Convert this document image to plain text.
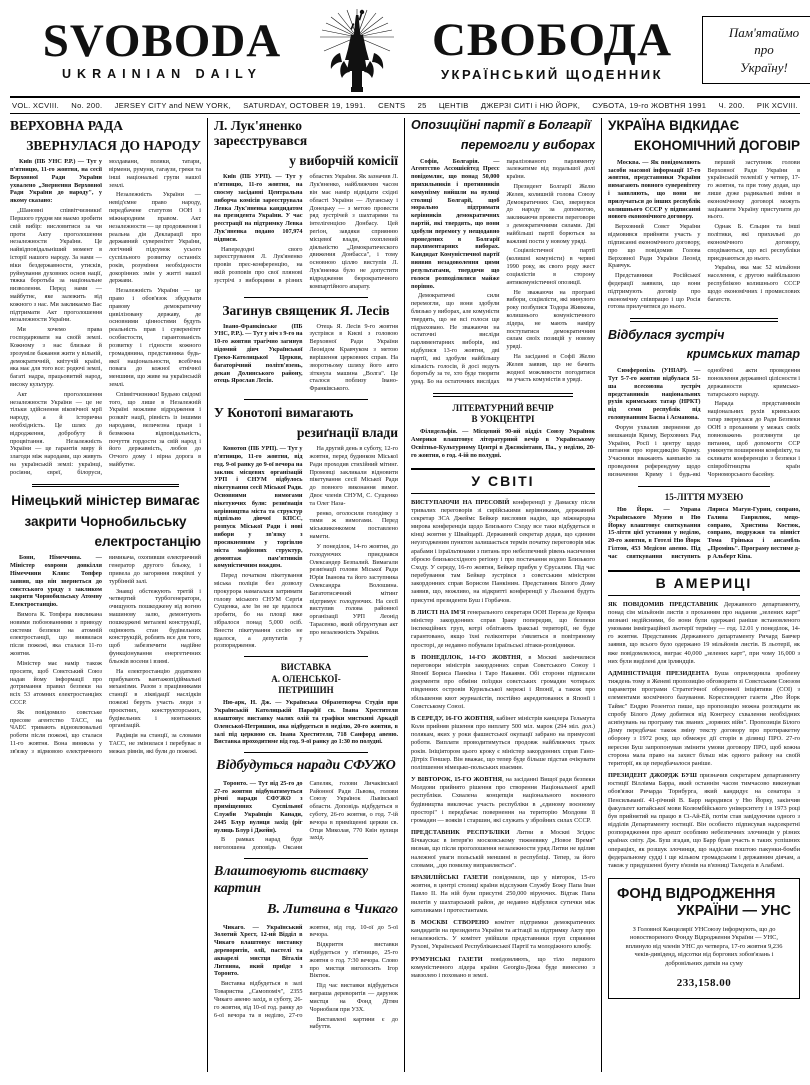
SVOBODA
UKRAINIAN DAILY
СВОБОДА
УКРАЇНСЬКИЙ ЩОДЕННИК
Пам'ятаймо
про
Україну!
VOL. XCVIII. No. 200. JERSEY CITY and NEW YORK, SATURDAY, OCTOBER 19, 1991. CENTS 25 ЦЕНТІВ ДЖЕРЗІ СИТІ і НЮ ЙОРК, СУБОТА, 19-го ЖОВТНЯ 1991 Ч. 200. РІК XCVIII.
ВЕРХОВНА РАДА
ЗВЕРНУЛАСЯ ДО НАРОДУ

Київ (ПБ УНС Р.Р.) — Тут у п'ятницю, 11-го жовтня, на сесії Верховної Ради України ухвалено „Звернення Верховної Ради України до народу", у якому сказано:

„Шановні співвітчизники! Першого грудня ми маємо зробити свій вибір: висловитися за чи проти Акту проголошення незалежности України. Це найвідповідальніший момент в історії нашого народу. За нами — віки бездержавности, утисків, руйнування духовних основ нації, тяжка боротьба за національне визволення. Перед нами — майбутнє, яке залежить від кожного з нас. Ми закликаємо Вас підтримати Акт проголошення незалежности України.

Ми хочемо права господарювати на своїй землі. Кожному з нас близьке й зрозуміле бажання жити у вільній, демократичній, квітучій країні, яка має для того все: родючі землі, багаті надра, працьовитий народ, високу культуру.

Акт проголошення незалежности України — це не тільки здійснення віковічної мрії народу, а й історична необхідність. Це шлях до відродження, добробуту й процвітання. Незалежність України — це гарантія миру й злагоди між народами, що живуть на українській землі: українці, росіяни, євреї, білоруси, молдавани, поляки, татари, вірмени, румуни, гагаузи, греки та інші національні групи нашої землі.

Незалежність України — невід'ємне право народу, передбачене статутом ООН і міжнародним правом. Акт незалежности — це продовження і реальна дія Декларації про державний суверенітет України, логічний підсумок усього суспільного розвитку останніх років, розуміння необхідности докорінних змін у житті нашої держави.

Незалежність України — це право і обов'язок збудувати правову демократичну цивілізовану державу, де основними цінностями будуть реальність прав і суверенітет особистости, гарантованість розвитку і гідности кожного громадянина, представника будь-якої національности, всебічна повага до кожної етнічної меншини, що живе на українській землі.

Співвітчизники! Будьмо свідомі того, що лише в Незалежній Україні можливе відродження і розквіт нації, рівність із іншими народами, величезна праця і безмежна відповідальність, почуття гордости за свій народ і його державність, любов до Отчого дому і вірна дорога в майбутнє.

Німецький міністер вимагає
закрити Чорнобильську
електростанцію

Бонн, Німеччина. — Міністер охорони довкілля Німеччини Клявс Топфер заявив, що він звернеться до совєтського уряду з закликом закрити Чорнобильську Атомну Електростанцію.

Вимога К. Топфера викликана новими побоюваннями з приводу системи безпеки на атомній електростанції, що виявилася після пожежі, яка сталася 11-го жовтня.

Міністер має намір також просити, щоб Совєтський Союз надав йому інформації про дотримання правил безпеки на всіх 53 атомних електростанціях СССР.

Як повідомило совєтське пресове агентство ТАСС, на ЧАЕС тривають відновлювальні роботи після пожежі, що сталася 11-го жовтня. Вона виникла у зв'язку з відмовою електричного вимикача, охопивши електричний генератор другого бльоку, і привела до загоряння покрівлі у турбінній залі.

Знавці обстежують третій і четвертий турбогенератори, очищують пошкоджену від вогню машинову залю, демонтують пошкоджені металеві конструкції, оцінюють стан будівельних конструкцій, роблять все для того, щоб забезпечити надійне функціонування енергетичних бльоків восени і взимі.

На електростанцію додатково прибувають вантажопідіймальні механізми. Разом з працівниками станції в ліквідації наслідків пожежі беруть участь люди з проєктних, конструкторських, будівельних і монтажних організацій.

Радіяція на станції, за словами ТАСС, не змінилася і перебуває в межах рівнів, які були до пожежі.

Л. Лук'яненко зареєструвався
у виборчій комісії

Київ (ПБ УРП). — Тут у п'ятницю, 11-го жовтня, на своєму засіданні Центральна виборча комісія зареєструвала Левка Лук'яненка кандидатом на президента України. У час реєстрації на підтримку Левка Лук'яненка подано 107,974 підписи.

Напередодні свого зареєстрування Л. Лук'яненко провів прес-конференцію, на якій розповів про свої плянові зустрічі з виборцями в різних областях України. Як зазначив Л. Лук'яненко, найближчим часом він має намір відвідати східні області України — Луганську і Донецьку — з метою провести ряд зустрічей з шахтарями та інтелігенцією Донбасу. Цей регіон, завдяки сприянню місцевої влади, охоплений діяльністю „Демократического движения Донбасса", і тому основною ціллю виступів Л. Лук'яненка було не допустити відродження бюрократичного компартійного апарату.

Загинув священик Я. Лесів

Івано-Франківське (ПБ УНС, Р.Р.). — Тут у ніч з 9-го на 10-го жовтня трагічно загинув відомий діяч Української Греко-Католицької Церкви, багаторічний політв'язень, декан Долинського району, отець Ярослав Лесів.

Отець Я. Лесів 9-го жовтня зустрівся в Києві з головою Верховної Ради України Леонідом Кравчуком з метою вирішення церковних справ. На зворотньому шляху його авто зіткнула машина „Волга". Це сталося поблизу Івано-Франківського.

У Конотопі вимагають
резиґнації влади

Конотоп (ПБ УРП). — Тут у п'ятницю, 11-го жовтня, від год. 9-ої ранку до 9-ої вечора на заклик місцевих організацій УРП і СНУМ відбулось пікетування сесії Міської Ради. Основними вимогами пікетуючих були: резиґнація керівництва міста та структур підпільно діючої КПСС, розпуск Міської Ради і нові вибори у зв'язку з просякненням у торгівлю міста мафіозних структур, демонтаж пам'ятників комуністичним вождям.

Перед початком пікетування міська поліція без дозволу прокурора намагалася затримати голову міського СНУМ Сергія Сущенка, але їм не це вдалося зробити, бо на площі вже зібралося понад 5,000 осіб. Внести пікетування сесію не вдалося, а депутатів у розпорядження.

На другий день в суботу, 12-го жовтня, перед будинком Міської Ради проходив стихійний мітинг. Промовці закликали відновити пікетування сесії Міської Ради до повного виконання вимог. Двоє членів СНУМ, С. Сущенко та Олег Наза-

ренко, оголосили голодівку з тими ж вимогами. Перед міськвиконкомом поставлено намети.

У понеділок, 14-го жовтня, до голодуючих приєднався Олександер Безпалий. Вимагали резиґнації голови Міської Ради Юрія Іванова та його заступника Олександра Волошина. Багатотисячний мітинг підтримує голодуючих. На сесії виступив голова районної організації УРП Леонід Тарасенко, який обґрунтував акт про незалежність України.

ВИСТАВКА
А. ОЛЕНСЬКОЇ-
ПЕТРИШИН

Ню-арк, Н. Дж. — Українська Образотворча Студія при Українській Католицькій Парафії св. Івана Хрестителя влаштовує виставку малих олій та графіки мисткині Аркадії Оленської-Петришин, яка відбудеться в неділю, 20-го жовтня, в залі під церквою св. Івана Хрестителя, 718 Санфорд авеню. Виставка проходитиме від год. 9-ої ранку до 1:30 по полудні.

Відбудуться наради СФУЖО

Торонто. — Тут від 25-го до 27-го жовтня відбуватимуться річні наради СФУЖО з приміщеннях Суспільної Служби Українців Канади, 2445 Блур вулиця захід (ріг вулиць Блур і Джейн).

В рамках нарад буде виголошена доповідь Оксани Сапеляк, голови Личаківської Районної Ради Львова, голови Союзу Українок Львівської области. Доповідь відбудеться в суботу, 26-го жовтня, о год. 7-ій вечора в приміщенні церкви св. Отця Миколая, 770 Квін вулиця захід.

Влаштовують виставку картин
В. Литвина в Чикаго

Чикаго. — Український Золотий Хрест, 12-ий Відділ в Чикаго влаштовує виставку дереворитів, олії, пастелі та акварелі мистця Віталія Литвина, який приїде з Торонто.

Виставка відбудеться в залі Товариства „Самопоміч", 2355 Чикаго авеню захід, в суботу, 26-го жовтня, від 10-ої год. ранку до 6-ої вечора та в неділю, 27-го жовтня, від год. 10-ої до 5-ої вечора.

Відкриття виставки відбудеться у п'ятницю, 25-го жовтня о год. 7:30 вечора. Слово про мистця виголосить Ігор Віктюк.

Під час виставки відбудеться виграша дереворитів — дарунок мистця на Фонд Дітям Чорнобиля при УЗХ.

Виставлені картини є до набуття.

Опозиційні партії в Болгарії
перемогли у виборах

Софія, Болгарія. — Агентство Ассошієйтед Пресс повідомляє, що понад 50,000 прихильників і противників комунізму вийшли на вулиці столиці Болгарії, щоб морально підтримати керівників демократичних партій, які твердять, що вони здобули перемогу у нещодавно проведених в Болгарії парляментарних виборах. Кандидат Комуністичної партії виявив незадоволення цими результатами, твердячи що голоси розподілилися майже порівно.

Демократичні сили перемогли, що вони здобули близько у виборах, але комуністи твердять, що не всі голоси ще підраховано. Не зважаючи на остаточні висліди парляментарних виборів, які відбулися 13-го жовтня, дві партії, які здобули найбільшу кількість голосів, й досі ведуть боротьбу за те, хто буде творити уряд. Бо на остаточних вислідах паралізованого парляменту залежатиме від подальшої долі країни.

Президент Болгарії Желю Желев, колишній голова Союзу Демократичних Сил, звернувся до народу за допомогою, закликаючи провести переговори з демократичними силами. Дві найбільші партії борються за важливі пости у новому уряді.

Соціялістичної партії (колишні комуністи) в червні 1990 року, як свого роду жест соціялістів в сторону антикомуністичної опозиції.

Не зважаючи на програні вибори, соціялісти, які минулого року позбулися Тодора Живкова, колишнього комуністичного лідера, не мають наміру поступатися демократичним силам своїх позицій у новому уряді.

На засіданні в Софії Желю Желев заявив, що не бачить жодної можливости погодитися на участь комуністів в уряді.

ЛІТЕРАТУРНИЙ ВЕЧІР
В УОКЦЕНТРІ

Філядельфія. — Місцевий 90-ий відділ Союзу Українок Америки влаштовує літературний вечір в Українському Освітньо-Культурному Центрі в Джснкінтавн, Па., у неділю, 20-го жовтня, о год. 4-ій по полудні.

У СВІТІ

ВИСТУПАЮЧИ НА ПРЕСОВІЙ конференції у Дамаску після тривалих переговорів зі сирійськими керівниками, державний секретар ЗСА Джеймс Бейкер висловив надію, що міжнародна мирова конференція щодо Близького Сходу все таки відбудеться в кінці жовтня у Швайцарії. Державний секретар додав, що єдиним неузгодженим пунктом залишається термін початку переговорів між арабами і ізраїльтянами з питань про небезпечний рівень насичення зброєю близькосхідного регіону і про постачання водою Близького Сходу. У середу, 16-го жовтня, Бейкер прибув у Єрусалим. Під час перебування там Бейкер зустрівся з совєтським міністром закордонних справ Борисом Панкіним. Представник Білого Дому заявив, що, можливо, на відкритті конференції у Льозанні будуть присутні президенти Буш і Горбачов.

В ЛИСТІ НА ІМ'Я генерального секретаря ООН Переза де Куеяра міністер закордонних справ Іраку попередив, що безпеки інспекційних груп, котрі облітають іракські території, не буде гарантовано, якщо їхні гелікоптери з'являться в повітряному просторі, де недавно побували ізраїльські літаки-розвідники.

В ПОНЕДІЛОК, 14-ГО ЖОВТНЯ, в Москві закінчилися переговори міністрів закордонних справ Совєтського Союзу і Японії Бориса Панкіна і Таро Накаями. Обі сторони підписали документи про обміни поїздки совєтських громадян чотирьох південних островів Курильської мережі і Японії, а також про збільшення квот журналістів, постійно акредитованих в Японії і Совєтському Союзі.

В СЕРЕДУ, 16-ГО ЖОВТНЯ, кабінет міністрів канцлера Гельмута Коля прийняв рішення про виплату 500 міл. марок (294 міл. дол.) полякам, яких у роки фашистської окупації забрано на примусові роботи. Виплати проводитимуться продовж найближчих трьох років. Ініціятором цього кроку є міністер закордонних справ Гано-Дітріх Геншер. Він вважає, що тепер буде більше підстав очікувати поліпшення німецько-польських взаємин.

У ВІВТОРОК, 15-ГО ЖОВТНЯ, на засіданні Вищої ради безпеки Молдови прийнято рішення про створення Національної армії республіки. Схвалена концепція національного воєнного будівництва виключає участь республіки в „єдиному воєнному просторі" і передбачає повернення на територію Молдови її громадян — вояків і старшин, які служать у збройних силах СССР.

ПРЕДСТАВНИК РЕСПУБЛІКИ Литви в Москві Згідюс Бічкаускас в інтерв'ю московському тижневику „Новое Время" визнав, що після проголошення незалежности уряд Литви не вділив належної уваги польській меншині в республіці. Тепер, за його словами, „цю помилку виправляється".

БРАЗИЛІЙСЬКІ ГАЗЕТИ повідомили, що у вівторок, 15-го жовтня, в центрі столиці країни відслужив Службу Божу Папа Іван Павло ІІ. На ній були присутні 250,000 віруючих. Відтак Папа вилетів у шахтарський район, де недавно відбулися сутички між католиками і протестантами.

В МОСКВІ СТВОРЕНО комітет підтримки демократичних кандидатів на президента України та агітації за підтримку Акту про незалежність. У комітет увійшли представники груп сприяння Рухові, Української Республіканської Партії та молодіжного клюбу.

РУМУНСЬКІ ГАЗЕТИ повідомляють, що тіло першого комуністичного лідера країни Georgiu-Дежа буде винесено з мавзолею і поховано в землі.

УКРАЇНА ВІДКИДАЄ
ЕКОНОМІЧНИЙ ДОГОВІР

Москва. — Як повідомляють засоби масової інформації 17-го жовтня, представники України вимагають повного суверенітету і заявляють, що вони не прилучаться до інших республік колишнього СССР у підписанні нового економічного договору.

Верховний Совєт України відмовився прийняти участь у підписанні економічного договору, про що повідомив Голова Верховної Ради України Леонід Кравчук.

Представники Російської федерації заявили, що вони підтримують договір про економічну співпрацю і що Росія готова прилучитися до нього.

перший заступник голови Верховної Ради України в українській телевізії у четвер, 17-го жовтня, та при тому додав, що лише дуже радикальні зміни в економічному договорі можуть зацікавити Україну приступити до нього.

Однак Б. Єльцин та інші політики, які прихильні до економічного договору, сподіваються, що всі республіки приєднаються до нього.

Україна, яка має 52 мільйони населення, є другою найбільшою республікою колишнього СССР щодо економічних і промислових багатств.

Відбулася зустріч
кримських татар

Симферопіль (УНІАР). — Тут 5-7-го жовтня відбулася 51-ша всесоюзна зустріч представників національних рухів кримських татар (НРКТ) від семи республік під головуванням Басва і Асманова.

Форум ухвалив звернення до мешканців Криму, Верховних Рад України, Росії і центру щодо питання про юрисдикцію Криму. Учасники вважають кампанію за проведення референдуму щодо визначення Криму і будь-які однобічні акти проведення поновлення державної цілісности і державности кримсько-татарського народу.

Нарада представників національних рухів кримських татар звернулася до Ради Безпеки ООН з проханням у межах своїх повноважень розглянути це питання, щоб допомогти ССР уникнути поширення конфлікту, та скликати конференцію з безпеки і співробітництва країн Чорноморського басейну.

15-ЛІТТЯ МУЗЕЮ

Ню Йорк. — Управа Українського Музею в Ню Йорку влаштовує святкування 15-ліття цієї установи у неділю, 20-го жовтня, в Готелі Ню Йорк Гілтон, 453 Медісон авеню. Під час святкування виступить Ляриса Магун-Гурин, сопрано, Галина Гаврилюк, мецо-сопрано, Христина Костюк, сопрано, подружжя та піяніст Тома Грінька і ансамбль „Промінь". Програму вестиме д-р Альберт Кіпа.

В АМЕРИЦІ

ЯК ПОВІДОМИВ ПРЕДСТАВНИК Державного департаменту, понад сім мільйонів листів з проханням про надання „зелених карт" визнані недійсними, бо вони були одержані раніше встановленого умовами імміграційної льотерії терміну — год. 12.01 у понеділок, 14-го жовтня. Представник Державного департаменту Ричард Бавчер заявив, що всього було одержано 19 мільйонів листів. В льотерії, як вже повідомлялося, виграє 40,000 „зелених карт", при чому 16,000 з них були виділені для ірляндців.

АДМІНІСТРАЦІЯ ПРЕЗИДЕНТА Буша оприлюднила зроблену тиждень тому в Женеві пропозицію обговорити зі Совєтським Союзом параметри програми Стратегічної оборонної ініціятиви (СОІ) з елементами космічного базування. Кореспондент газети „Ню Йорк Таймс" Ендрю Розентол пише, що пропозицію можна розглядати як спробу Білого Дому добитися від Конгресу схвалення необхідних асиґнувань на програму так званих „зоряних війн". Пропозиція Білого Дому передбачає також зміну тексту договору про протиракетну оборону з 1972 року, що обмежує дії сторін в ділянці ПРО. 27-го вересня Буш запропонував змінити умови договору ПРО, щоб кожна сторона мала право на захист більш ніж одного району на своїй території, як це передбачалося раніше.

ПРЕЗИДЕНТ ДЖОРДЖ БУШ призначив секретарем департаменту юстиції Вілліяма Барра, який останнім часом тимчасово виконував обов'язки Ричарда Торнбурга, який кандидує на сенатора з Пенсильванії. 41-річний В. Барр народився у Ню Йорку, закінчив факультет китайської мови Колюмбійського університету і в 1973 році був прийнятий на працю в Сі-Ай-Ей, потім став завідуючим одного з відділів Департаменту юстиції. Він особисто підписував надсекретні розпорядження про арешт особливо небезпечних злочинців у різних країнах світу. Дж. Буш згадав, що Барр брав участь в таких успішних операціях, як розшук злочинця, що надіслав поштою пакунки-бомби федеральному судді і ще кільком громадським і державним діячам, а також у придушенні бунту в'язнів на в'язниці Талєдеґа в Алабамі.

ФОНД ВІДРОДЖЕННЯ
УКРАЇНИ — УНС
З Головної Канцелярії УНСоюзу інформують, що до новоствореного Фонду Відродження України — УНС, вплинуло від членів УНС до четверга, 17-го жовтня 9,236 чеків-дивіденд, відсотки від боргових зобов'язань і добровільних датків на суму
233,158.00
